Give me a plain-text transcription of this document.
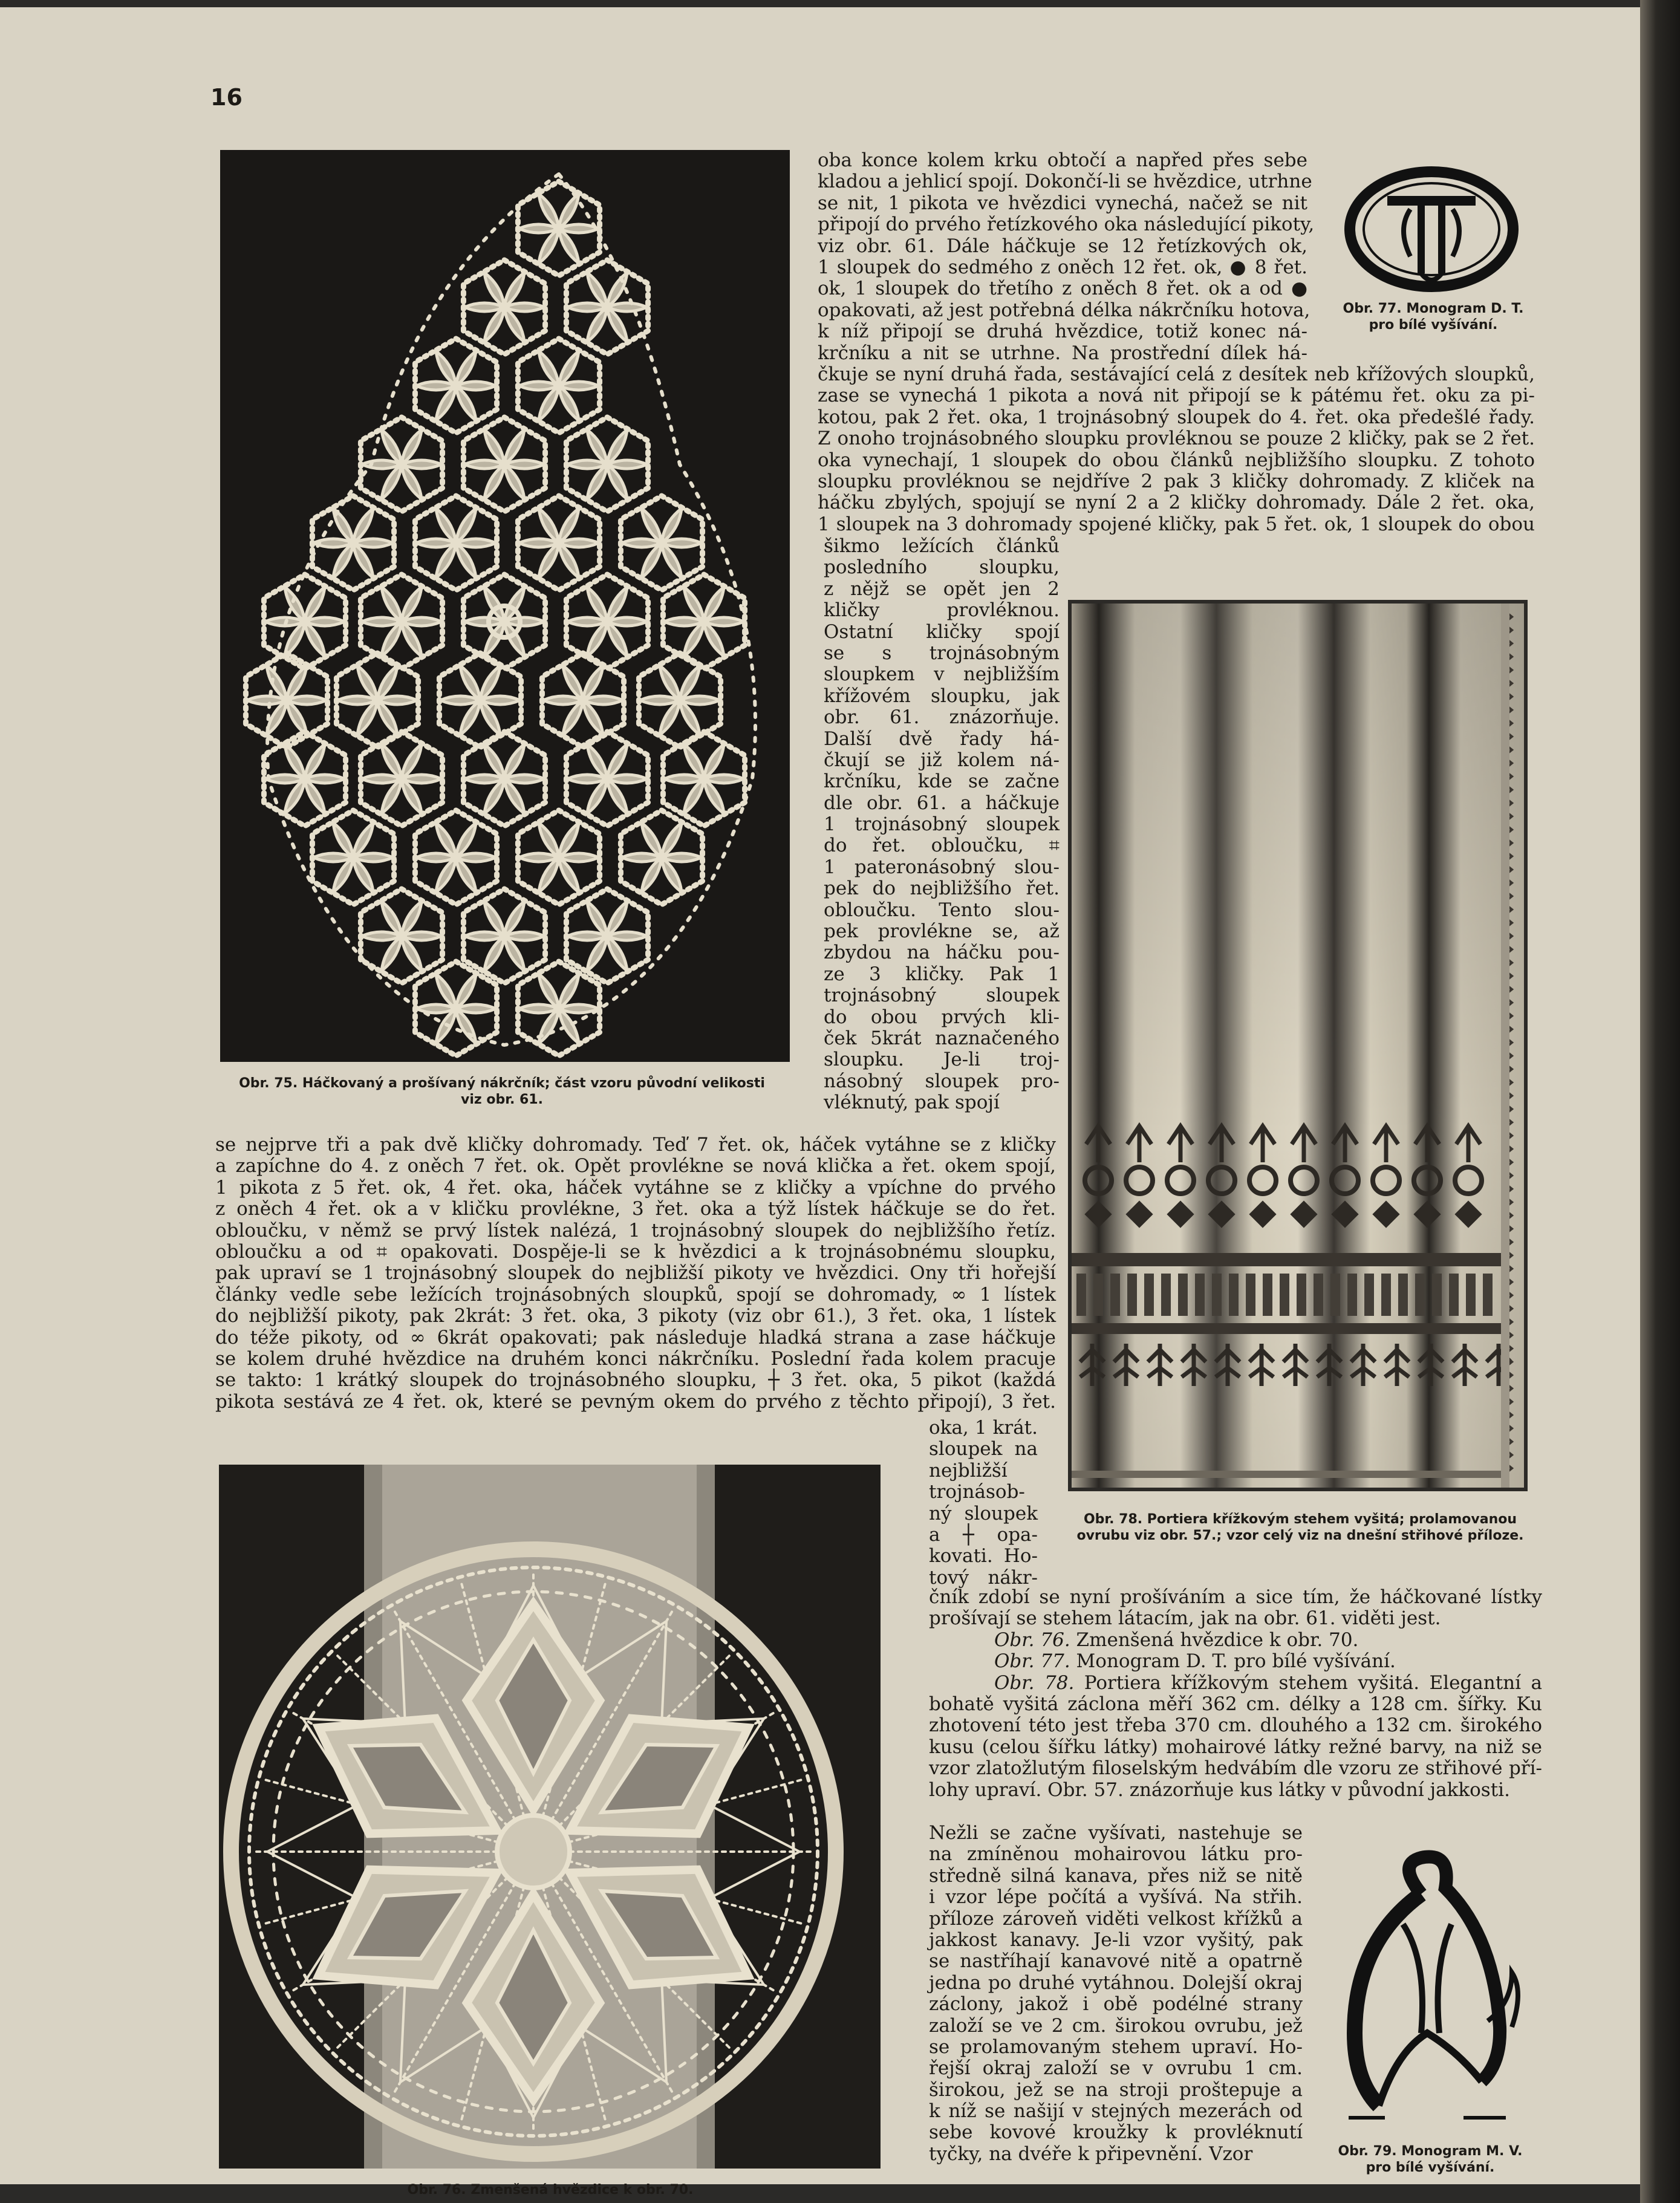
16
Obr. 75. Háčkovaný a prošívaný nákrčník; část vzoru původní velikosti
viz obr. 61.
Obr. 77. Monogram D. T.
pro bílé vyšívání.
oba konce kolem krku obtočí a napřed přes sebe
kladou a jehlicí spojí. Dokončí-li se hvězdice, utrhne
se nit, 1 pikota ve hvězdici vynechá, načež se nit
připojí do prvého řetízkového oka následující pikoty,
viz obr. 61. Dále háčkuje se 12 řetízkových ok,
1 sloupek do sedmého z oněch 12 řet. ok, ● 8 řet.
ok, 1 sloupek do třetího z oněch 8 řet. ok a od ●
opakovati, až jest potřebná délka nákrčníku hotova,
k níž připojí se druhá hvězdice, totiž konec ná-
krčníku a nit se utrhne. Na prostřední dílek há-
čkuje se nyní druhá řada, sestávající celá z desítek neb křížových sloupků,
zase se vynechá 1 pikota a nová nit připojí se k pátému řet. oku za pi-
kotou, pak 2 řet. oka, 1 trojnásobný sloupek do 4. řet. oka předešlé řady.
Z onoho trojnásobného sloupku provléknou se pouze 2 kličky, pak se 2 řet.
oka vynechají, 1 sloupek do obou článků nejbližšího sloupku. Z tohoto
sloupku provléknou se nejdříve 2 pak 3 kličky dohromady. Z kliček na
háčku zbylých, spojují se nyní 2 a 2 kličky dohromady. Dále 2 řet. oka,
1 sloupek na 3 dohromady spojené kličky, pak 5 řet. ok, 1 sloupek do obou
šikmo ležících článků
posledního sloupku,
z nějž se opět jen 2
kličky provléknou.
Ostatní kličky spojí
se s trojnásobným
sloupkem v nejbližším
křížovém sloupku, jak
obr. 61. znázorňuje.
Další dvě řady há-
čkují se již kolem ná-
krčníku, kde se začne
dle obr. 61. a háčkuje
1 trojnásobný sloupek
do řet. obloučku, ⌗
1 pateronásobný slou-
pek do nejbližšího řet.
obloučku. Tento slou-
pek provlékne se, až
zbydou na háčku pou-
ze 3 kličky. Pak 1
trojnásobný sloupek
do obou prvých kli-
ček 5krát naznačeného
sloupku. Je-li troj-
násobný sloupek pro-
vléknutý, pak spojí
Obr. 78. Portiera křížkovým stehem vyšitá; prolamovanou
ovrubu viz obr. 57.; vzor celý viz na dnešní střihové příloze.
se nejprve tři a pak dvě kličky dohromady. Teď 7 řet. ok, háček vytáhne se z kličky
a zapíchne do 4. z oněch 7 řet. ok. Opět provlékne se nová klička a řet. okem spojí,
1 pikota z 5 řet. ok, 4 řet. oka, háček vytáhne se z kličky a vpíchne do prvého
z oněch 4 řet. ok a v kličku provlékne, 3 řet. oka a týž lístek háčkuje se do řet.
obloučku, v němž se prvý lístek nalézá, 1 trojnásobný sloupek do nejbližšího řetíz.
obloučku a od ⌗ opakovati. Dospěje-li se k hvězdici a k trojnásobnému sloupku,
pak upraví se 1 trojnásobný sloupek do nejbližší pikoty ve hvězdici. Ony tři hořejší
články vedle sebe ležících trojnásobných sloupků, spojí se dohromady, ∞ 1 lístek
do nejbližší pikoty, pak 2krát: 3 řet. oka, 3 pikoty (viz obr 61.), 3 řet. oka, 1 lístek
do téže pikoty, od ∞ 6krát opakovati; pak následuje hladká strana a zase háčkuje
se kolem druhé hvězdice na druhém konci nákrčníku. Poslední řada kolem pracuje
se takto: 1 krátký sloupek do trojnásobného sloupku, ┼ 3 řet. oka, 5 pikot (každá
pikota sestává ze 4 řet. ok, které se pevným okem do prvého z těchto připojí), 3 řet.
Obr. 76. Zmenšená hvězdice k obr. 70.
oka, 1 krát.
sloupek na
nejbližší
trojnásob-
ný sloupek
a ┼ opa-
kovati. Ho-
tový nákr-
čník zdobí se nyní prošíváním a sice tím, že háčkované lístky
prošívají se stehem látacím, jak na obr. 61. viděti jest.
Obr. 76. Zmenšená hvězdice k obr. 70.
Obr. 77. Monogram D. T. pro bílé vyšívání.
Obr. 78. Portiera křížkovým stehem vyšitá. Elegantní a
bohatě vyšitá záclona měří 362 cm. délky a 128 cm. šířky. Ku
zhotovení této jest třeba 370 cm. dlouhého a 132 cm. širokého
kusu (celou šířku látky) mohairové látky režné barvy, na niž se
vzor zlatožlutým filoselským hedvábím dle vzoru ze střihové pří-
lohy upraví. Obr. 57. znázorňuje kus látky v původní jakkosti.
Nežli se začne vyšívati, nastehuje se
na zmíněnou mohairovou látku pro-
středně silná kanava, přes niž se nitě
i vzor lépe počítá a vyšívá. Na střih.
příloze zároveň viděti velkost křížků a
jakkost kanavy. Je-li vzor vyšitý, pak
se nastříhají kanavové nitě a opatrně
jedna po druhé vytáhnou. Dolejší okraj
záclony, jakož i obě podélné strany
založí se ve 2 cm. širokou ovrubu, jež
se prolamovaným stehem upraví. Ho-
řejší okraj založí se v ovrubu 1 cm.
širokou, jež se na stroji proštepuje a
k níž se našijí v stejných mezerách od
sebe kovové kroužky k provléknutí
tyčky, na dvéře k připevnění. Vzor	Obr. 79. Monogram M. V.
pro bílé vyšívání.
